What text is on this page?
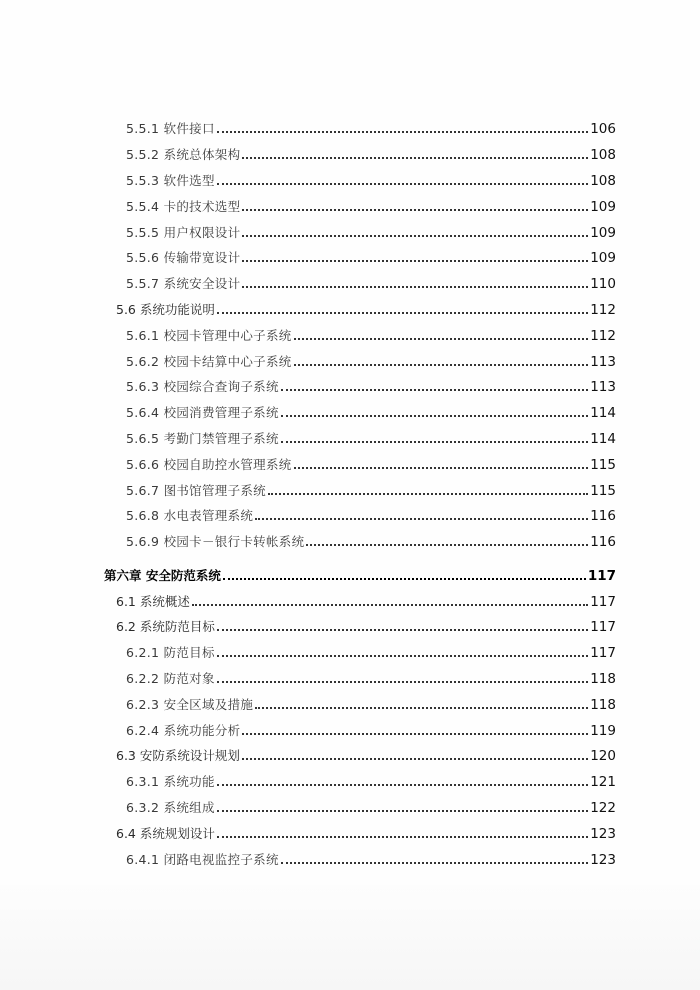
5.5.1 软件接口	106
5.5.2 系统总体架构	108
5.5.3 软件选型	108
5.5.4 卡的技术选型	109
5.5.5 用户权限设计	109
5.5.6 传输带宽设计	109
5.5.7 系统安全设计	110
5.6 系统功能说明	112
5.6.1 校园卡管理中心子系统	112
5.6.2 校园卡结算中心子系统	113
5.6.3 校园综合查询子系统	113
5.6.4 校园消费管理子系统	114
5.6.5 考勤门禁管理子系统	114
5.6.6 校园自助控水管理系统	115
5.6.7 图书馆管理子系统	115
5.6.8 水电表管理系统	116
5.6.9 校园卡－银行卡转帐系统	116
第六章 安全防范系统	117
6.1 系统概述	117
6.2 系统防范目标	117
6.2.1 防范目标	117
6.2.2 防范对象	118
6.2.3 安全区域及措施	118
6.2.4 系统功能分析	119
6.3 安防系统设计规划	120
6.3.1 系统功能	121
6.3.2 系统组成	122
6.4 系统规划设计	123
6.4.1 闭路电视监控子系统	123
